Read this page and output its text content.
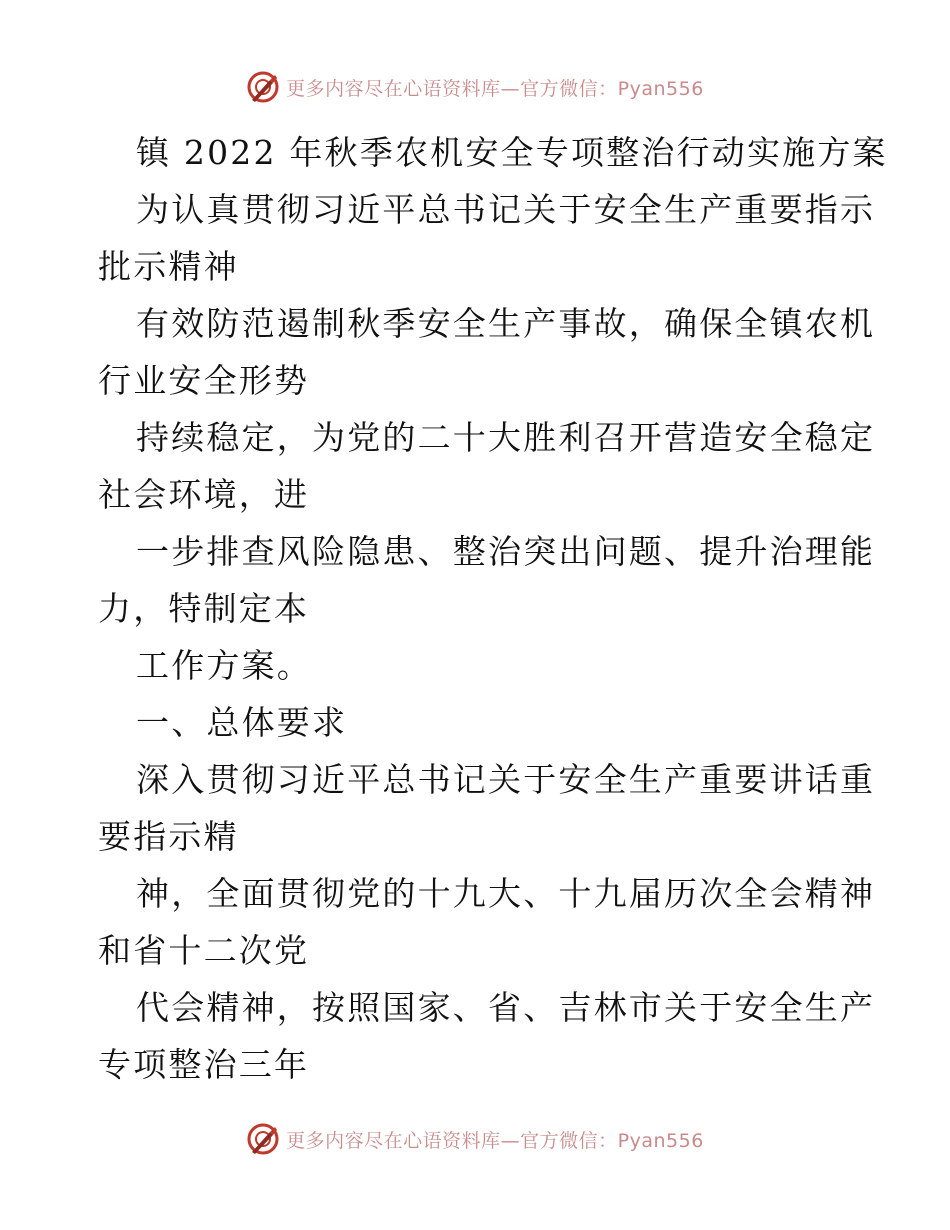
更多内容尽在心语资料库—官方微信：Pyan556
镇 2022 年秋季农机安全专项整治行动实施方案
为认真贯彻习近平总书记关于安全生产重要指示
批示精神
有效防范遏制秋季安全生产事故，确保全镇农机
行业安全形势
持续稳定，为党的二十大胜利召开营造安全稳定
社会环境，进
一步排查风险隐患、整治突出问题、提升治理能
力，特制定本
工作方案。
一、总体要求
深入贯彻习近平总书记关于安全生产重要讲话重
要指示精
神，全面贯彻党的十九大、十九届历次全会精神
和省十二次党
代会精神，按照国家、省、吉林市关于安全生产
专项整治三年
更多内容尽在心语资料库—官方微信：Pyan556
